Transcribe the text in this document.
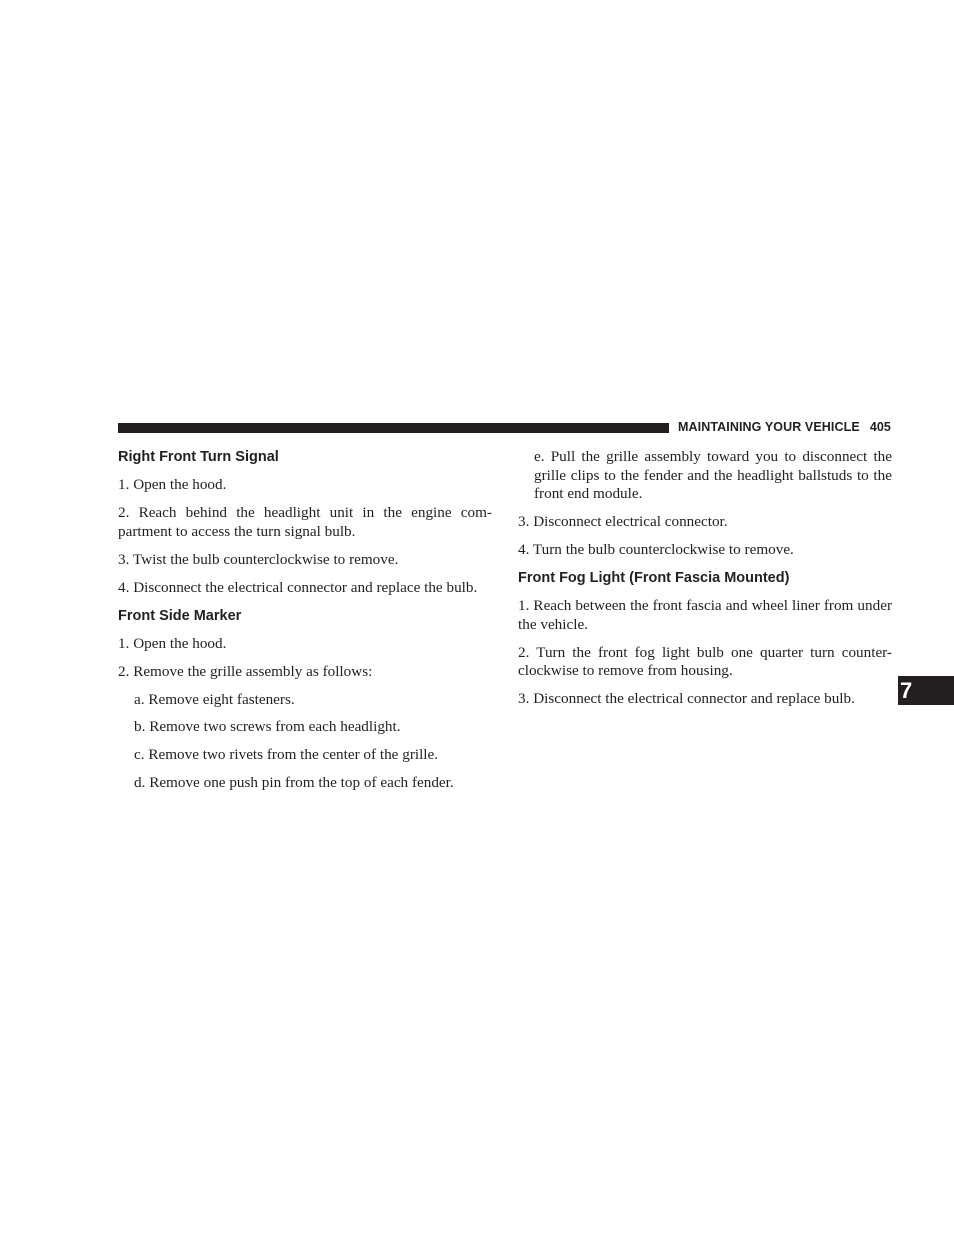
MAINTAINING YOUR VEHICLE 405
Right Front Turn Signal
1. Open the hood.
2. Reach behind the headlight unit in the engine com- partment to access the turn signal bulb.
3. Twist the bulb counterclockwise to remove.
4. Disconnect the electrical connector and replace the bulb.
Front Side Marker
1. Open the hood.
2. Remove the grille assembly as follows:
a. Remove eight fasteners.
b. Remove two screws from each headlight.
c. Remove two rivets from the center of the grille.
d. Remove one push pin from the top of each fender.
e. Pull the grille assembly toward you to disconnect the grille clips to the fender and the headlight ballstuds to the front end module.
3. Disconnect electrical connector.
4. Turn the bulb counterclockwise to remove.
Front Fog Light (Front Fascia Mounted)
1. Reach between the front fascia and wheel liner from under the vehicle.
2. Turn the front fog light bulb one quarter turn counter- clockwise to remove from housing.
3. Disconnect the electrical connector and replace bulb.	7
